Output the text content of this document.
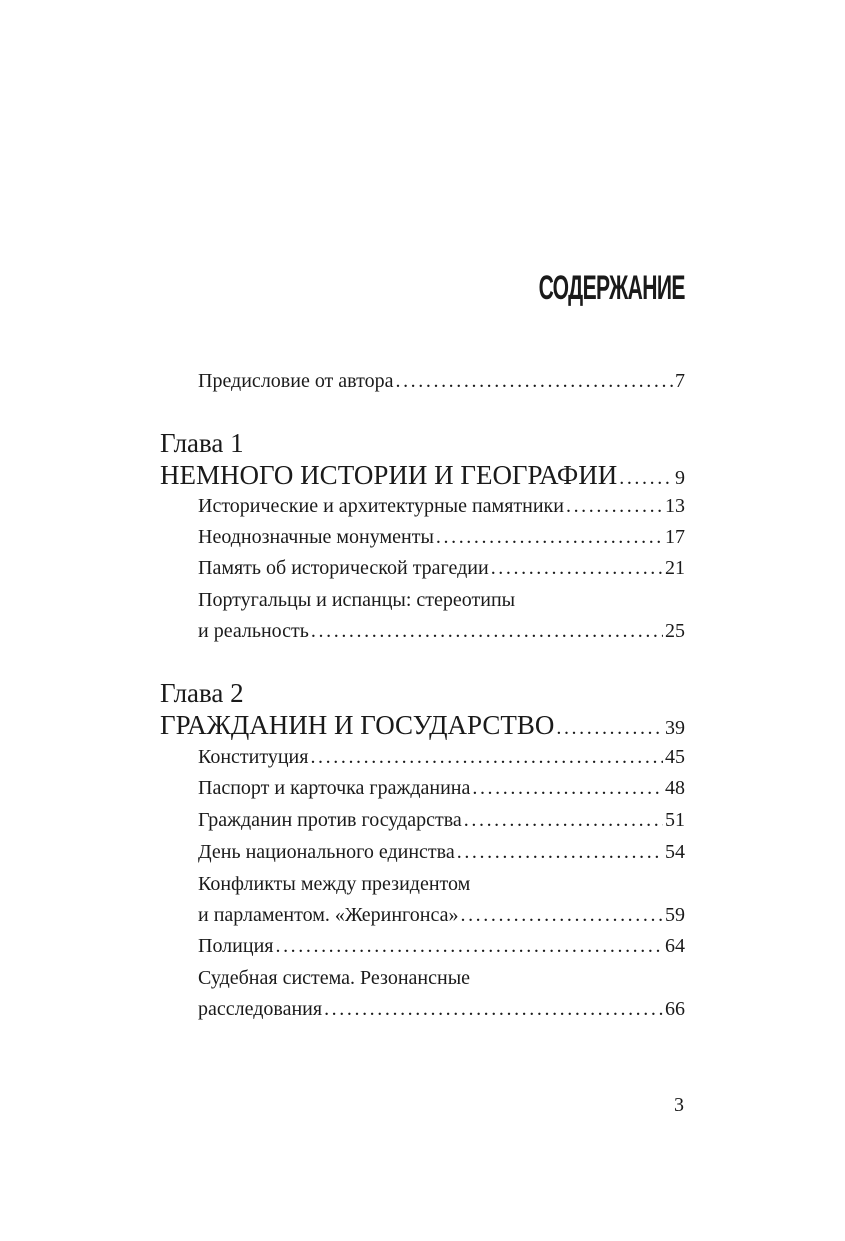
СОДЕРЖАНИЕ
Предисловие от автора . . .	7
Глава 1
НЕМНОГО ИСТОРИИ И ГЕОГРАФИИ . . .	9
Исторические и архитектурные памятники . . .	13
Неоднозначные монументы . . .	17
Память об исторической трагедии . . .	21
Португальцы и испанцы: стереотипы
и реальность . . .	25
Глава 2
ГРАЖДАНИН И ГОСУДАРСТВО . . .	39
Конституция . . .	45
Паспорт и карточка гражданина . . .	48
Гражданин против государства . . .	51
День национального единства . . .	54
Конфликты между президентом
и парламентом. «Жерингонса» . . .	59
Полиция . . .	64
Судебная система. Резонансные
расследования . . .	66
3
